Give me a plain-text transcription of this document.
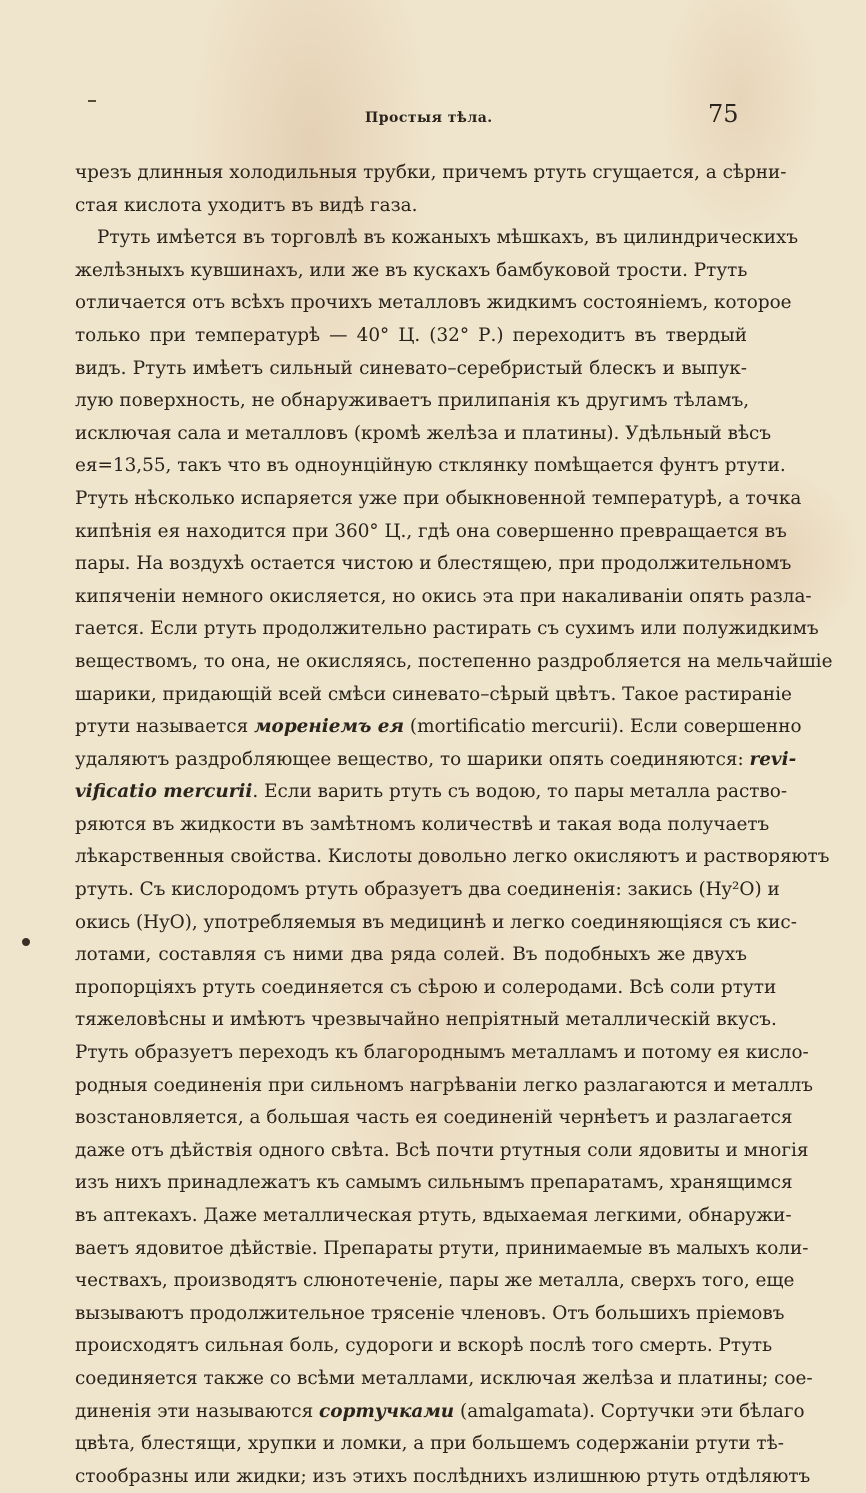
Простыя тѣла.	75
чрезъ длинныя холодильныя трубки, причемъ ртуть сгущается, а сѣрни-
стая кислота уходитъ въ видѣ газа.
Ртуть имѣется въ торговлѣ въ кожаныхъ мѣшкахъ, въ цилиндрическихъ
желѣзныхъ кувшинахъ, или же въ кускахъ бамбуковой трости. Ртуть
отличается отъ всѣхъ прочихъ металловъ жидкимъ состояніемъ, которое
только при температурѣ — 40° Ц. (32° Р.) переходитъ въ твердый
видъ. Ртуть имѣетъ сильный синевато–серебристый блескъ и выпук-
лую поверхность, не обнаруживаетъ прилипанія къ другимъ тѣламъ,
исключая сала и металловъ (кромѣ желѣза и платины). Удѣльный вѣсъ
ея=13,55, такъ что въ одноунційную стклянку помѣщается фунтъ ртути.
Ртуть нѣсколько испаряется уже при обыкновенной температурѣ, а точка
кипѣнія ея находится при 360° Ц., гдѣ она совершенно превращается въ
пары. На воздухѣ остается чистою и блестящею, при продолжительномъ
кипяченіи немного окисляется, но окись эта при накаливаніи опять разла-
гается. Если ртуть продолжительно растирать съ сухимъ или полужидкимъ
веществомъ, то она, не окисляясь, постепенно раздробляется на мельчайшіе
шарики, придающій всей смѣси синевато–сѣрый цвѣтъ. Такое растираніе
ртути называется мореніемъ ея (mortificatio mercurii). Если совершенно
удаляютъ раздробляющее вещество, то шарики опять соединяются: revi-
vificatio mercurii. Если варить ртуть съ водою, то пары металла раство-
ряются въ жидкости въ замѣтномъ количествѣ и такая вода получаетъ
лѣкарственныя свойства. Кислоты довольно легко окисляютъ и растворяютъ
ртуть. Съ кислородомъ ртуть образуетъ два соединенія: закись (Hy²O) и
окись (HyO), употребляемыя въ медицинѣ и легко соединяющіяся съ кис-
лотами, составляя съ ними два ряда солей. Въ подобныхъ же двухъ
пропорціяхъ ртуть соединяется съ сѣрою и солеродами. Всѣ соли ртути
тяжеловѣсны и имѣютъ чрезвычайно непріятный металлическій вкусъ.
Ртуть образуетъ переходъ къ благороднымъ металламъ и потому ея кисло-
родныя соединенія при сильномъ нагрѣваніи легко разлагаются и металлъ
возстановляется, а большая часть ея соединеній чернѣетъ и разлагается
даже отъ дѣйствія одного свѣта. Всѣ почти ртутныя соли ядовиты и многія
изъ нихъ принадлежатъ къ самымъ сильнымъ препаратамъ, хранящимся
въ аптекахъ. Даже металлическая ртуть, вдыхаемая легкими, обнаружи-
ваетъ ядовитое дѣйствіе. Препараты ртути, принимаемые въ малыхъ коли-
чествахъ, производятъ слюнотеченіе, пары же металла, сверхъ того, еще
вызываютъ продолжительное трясеніе членовъ. Отъ большихъ пріемовъ
происходятъ сильная боль, судороги и вскорѣ послѣ того смерть. Ртуть
соединяется также со всѣми металлами, исключая желѣза и платины; сое-
диненія эти называются сортучками (amalgamata). Сортучки эти бѣлаго
цвѣта, блестящи, хрупки и ломки, а при большемъ содержаніи ртути тѣ-
стообразны или жидки; изъ этихъ послѣднихъ излишнюю ртуть отдѣляютъ
